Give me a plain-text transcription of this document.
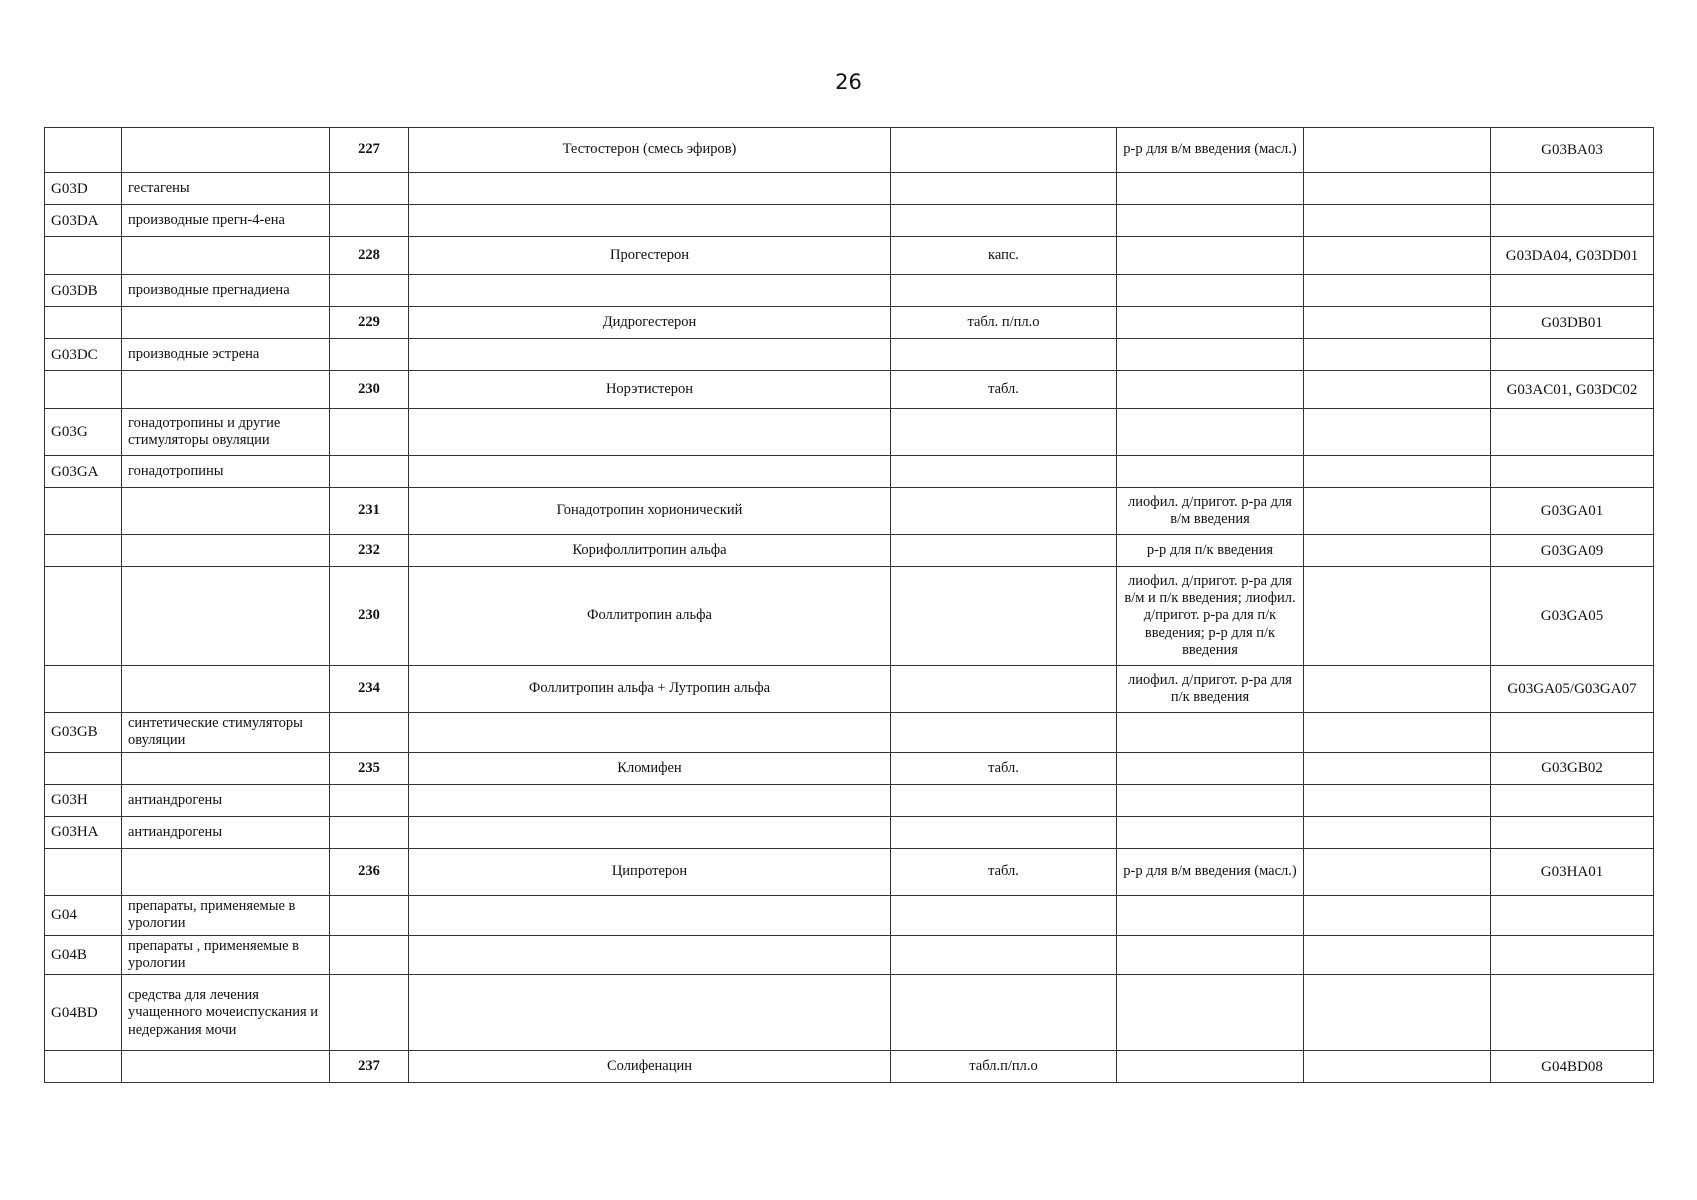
26
		227	Тестостерон (смесь эфиров)		р-р для в/м введения (масл.)		G03BA03
G03D	гестагены						
G03DA	производные прегн-4-ена						
		228	Прогестерон	капс.			G03DA04, G03DD01
G03DB	производные прегнадиена						
		229	Дидрогестерон	табл. п/пл.о			G03DB01
G03DC	производные эстрена						
		230	Норэтистерон	табл.			G03AC01, G03DC02
G03G	гонадотропины и другие стимуляторы овуляции						
G03GA	гонадотропины						
		231	Гонадотропин хорионический		лиофил. д/пригот. р-ра для в/м введения		G03GA01
		232	Корифоллитропин альфа		р-р для п/к введения		G03GA09
		230	Фоллитропин альфа		лиофил. д/пригот. р-ра для в/м и п/к введения; лиофил. д/пригот. р-ра для п/к введения; р-р для п/к введения		G03GA05
		234	Фоллитропин альфа + Лутропин альфа		лиофил. д/пригот. р-ра для п/к введения		G03GA05/G03GA07
G03GB	синтетические стимуляторы овуляции						
		235	Кломифен	табл.			G03GB02
G03H	антиандрогены						
G03HA	антиандрогены						
		236	Ципротерон	табл.	р-р для в/м введения (масл.)		G03HA01
G04	препараты, применяемые в урологии						
G04B	препараты , применяемые в урологии						
G04BD	средства для лечения учащенного мочеиспускания и недержания мочи						
		237	Солифенацин	табл.п/пл.о			G04BD08
